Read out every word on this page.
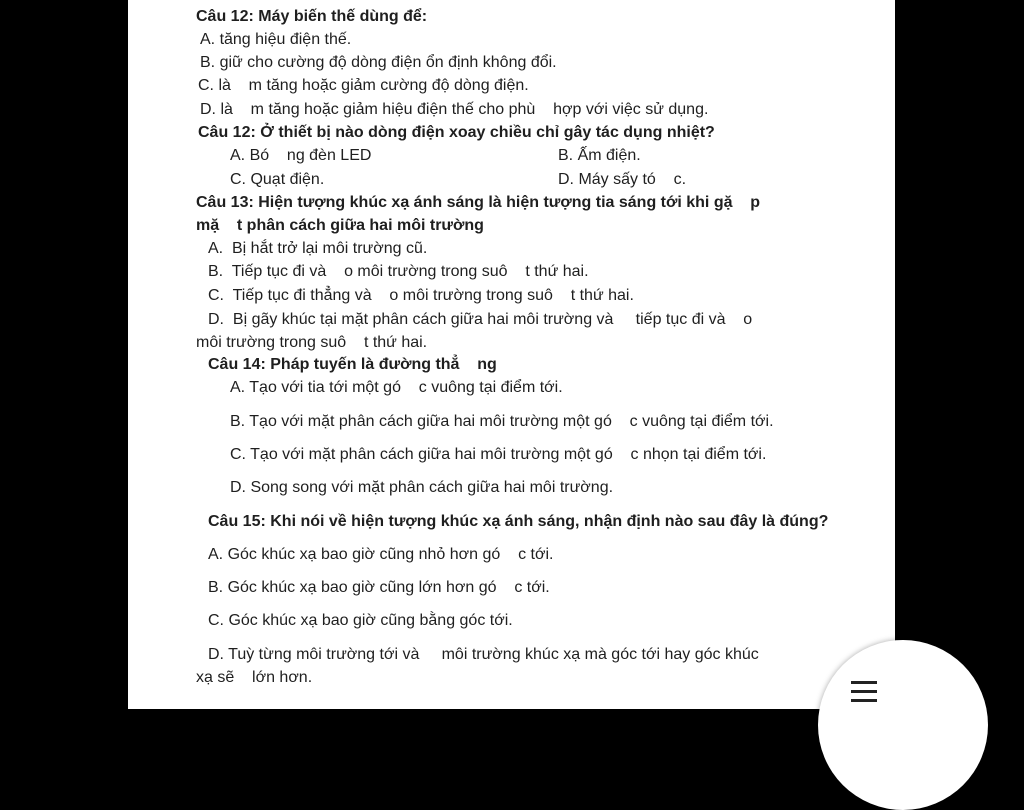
Câu 12: Máy biến thế dùng để:
A. tăng hiệu điện thế.
B. giữ cho cường độ dòng điện ổn định không đổi.
C. là    m tăng hoặc giảm cường độ dòng điện.
D. là    m tăng hoặc giảm hiệu điện thế cho phù    hợp với việc sử dụng.
Câu 12: Ở thiết bị nào dòng điện xoay chiều chỉ gây tác dụng nhiệt?
A. Bó    ng đèn LED	B. Ấm điện.
C. Quạt điện.	D. Máy sấy tó    c.
Câu 13: Hiện tượng khúc xạ ánh sáng là hiện tượng tia sáng tới khi gặ    p
mặ    t phân cách giữa hai môi trường
A.  Bị hắt trở lại môi trường cũ.
B.  Tiếp tục đi và    o môi trường trong suô    t thứ hai.
C.  Tiếp tục đi thẳng và    o môi trường trong suô    t thứ hai.
D.  Bị gãy khúc tại mặt phân cách giữa hai môi trường và     tiếp tục đi và    o
môi trường trong suô    t thứ hai.
Câu 14: Pháp tuyến là đường thẳ    ng
A. Tạo với tia tới một gó    c vuông tại điểm tới.
B. Tạo với mặt phân cách giữa hai môi trường một gó    c vuông tại điểm tới.
C. Tạo với mặt phân cách giữa hai môi trường một gó    c nhọn tại điểm tới.
D. Song song với mặt phân cách giữa hai môi trường.
Câu 15: Khi nói về hiện tượng khúc xạ ánh sáng, nhận định nào sau đây là đúng?
A. Góc khúc xạ bao giờ cũng nhỏ hơn gó    c tới.
B. Góc khúc xạ bao giờ cũng lớn hơn gó    c tới.
C. Góc khúc xạ bao giờ cũng bằng góc tới.
D. Tuỳ từng môi trường tới và     môi trường khúc xạ mà góc tới hay góc khúc
xạ sẽ    lớn hơn.
